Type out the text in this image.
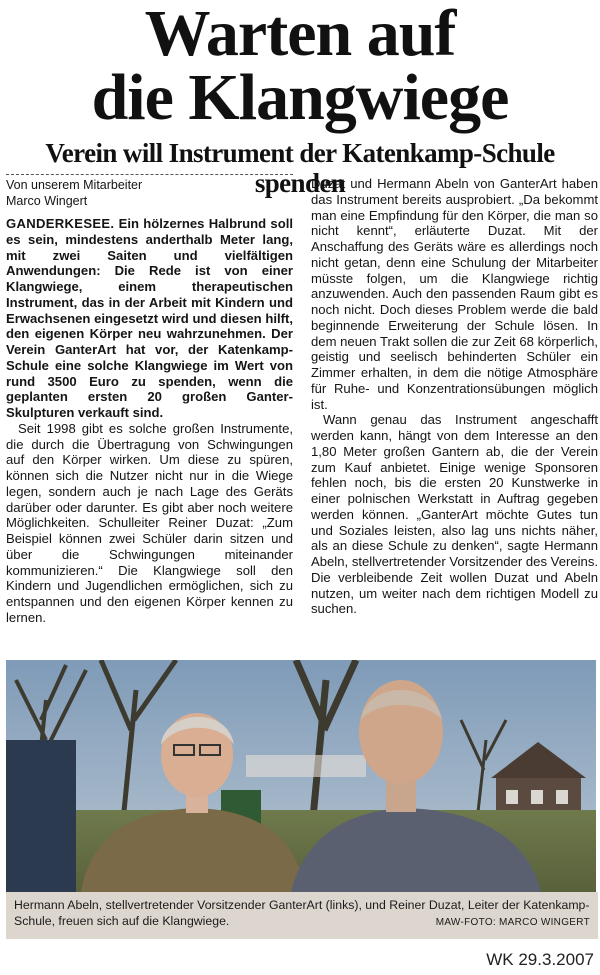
Warten auf
die Klangwiege
Verein will Instrument der Katenkamp-Schule spenden
Von unserem Mitarbeiter
Marco Wingert

GANDERKESEE. Ein hölzernes Halbrund soll es sein, mindestens anderthalb Meter lang, mit zwei Saiten und vielfältigen Anwendungen: Die Rede ist von einer Klangwiege, einem therapeutischen Instrument, das in der Arbeit mit Kindern und Erwachsenen eingesetzt wird und diesen hilft, den eigenen Körper neu wahrzunehmen. Der Verein GanterArt hat vor, der Katenkamp-Schule eine solche Klangwiege im Wert von rund 3500 Euro zu spenden, wenn die geplanten ersten 20 großen Ganter-Skulpturen verkauft sind.

Seit 1998 gibt es solche großen Instrumente, die durch die Übertragung von Schwingungen auf den Körper wirken. Um diese zu spüren, können sich die Nutzer nicht nur in die Wiege legen, sondern auch je nach Lage des Geräts darüber oder darunter. Es gibt aber noch weitere Möglichkeiten. Schulleiter Reiner Duzat: „Zum Beispiel können zwei Schüler darin sitzen und über die Schwingungen miteinander kommunizieren.“ Die Klangwiege soll den Kindern und Jugendlichen ermöglichen, sich zu entspannen und den eigenen Körper kennen zu lernen.

Duzat und Hermann Abeln von GanterArt haben das Instrument bereits ausprobiert. „Da bekommt man eine Empfindung für den Körper, die man so nicht kennt“, erläuterte Duzat. Mit der Anschaffung des Geräts wäre es allerdings noch nicht getan, denn eine Schulung der Mitarbeiter müsste folgen, um die Klangwiege richtig anzuwenden. Auch den passenden Raum gibt es noch nicht. Doch dieses Problem werde die bald beginnende Erweiterung der Schule lösen. In dem neuen Trakt sollen die zur Zeit 68 körperlich, geistig und seelisch behinderten Schüler ein Zimmer erhalten, in dem die nötige Atmosphäre für Ruhe- und Konzentrationsübungen möglich ist.

Wann genau das Instrument angeschafft werden kann, hängt von dem Interesse an den 1,80 Meter großen Gantern ab, die der Verein zum Kauf anbietet. Einige wenige Sponsoren fehlen noch, bis die ersten 20 Kunstwerke in einer polnischen Werkstatt in Auftrag gegeben werden können. „GanterArt möchte Gutes tun und Soziales leisten, also lag uns nichts näher, als an diese Schule zu denken“, sagte Hermann Abeln, stellvertretender Vorsitzender des Vereins. Die verbleibende Zeit wollen Duzat und Abeln nutzen, um weiter nach dem richtigen Modell zu suchen.

Hermann Abeln, stellvertretender Vorsitzender GanterArt (links), und Reiner Duzat, Leiter der Katenkamp-Schule, freuen sich auf die Klangwiege.	MAW-FOTO: MARCO WINGERT
WK 29.3.2007
